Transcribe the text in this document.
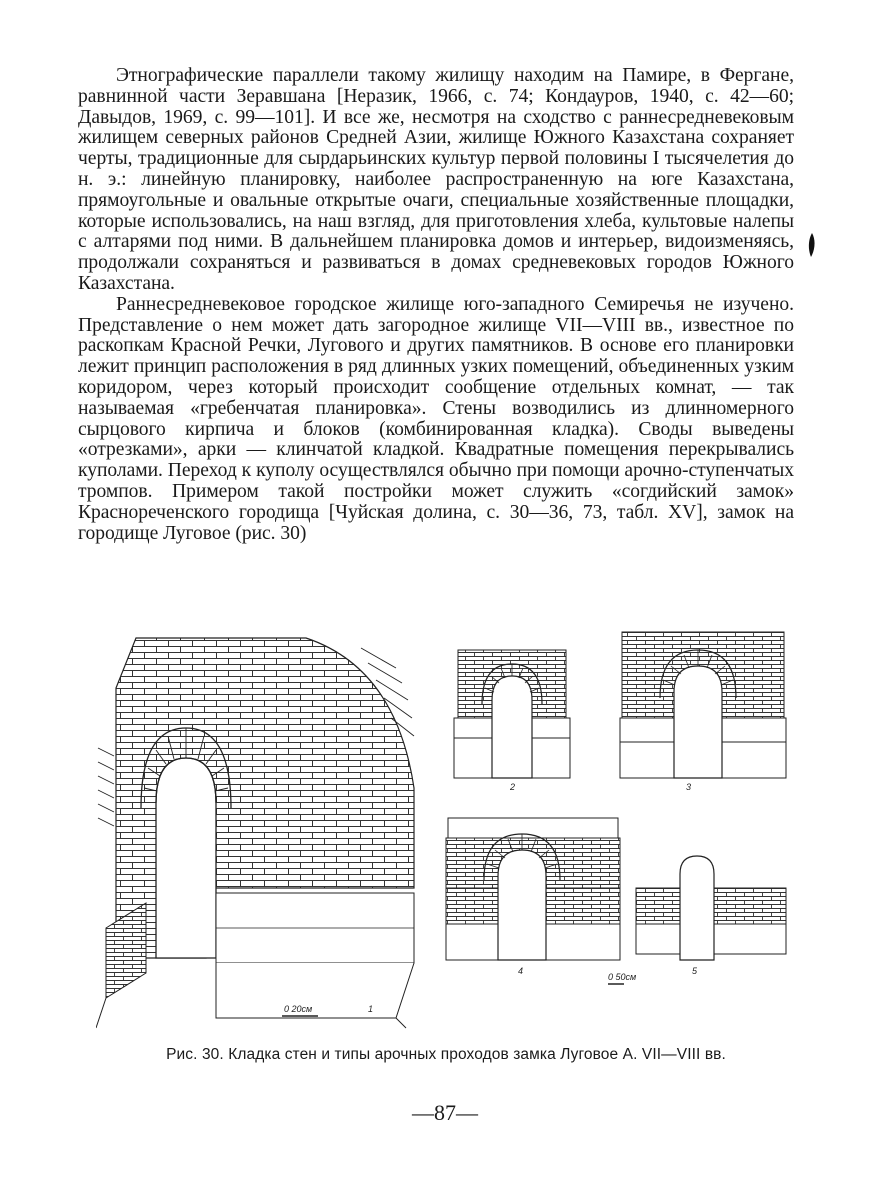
Этнографические параллели такому жилищу находим на Памире, в Фергане, равнинной части Зеравшана [Неразик, 1966, с. 74; Кондауров, 1940, с. 42—60; Давыдов, 1969, с. 99—101]. И все же, несмотря на сходство с раннесредневековым жилищем северных районов Средней Азии, жилище Южного Казахстана сохраняет черты, традиционные для сырдарьинских культур первой половины I тысячелетия до н. э.: линейную планировку, наиболее распространенную на юге Казахстана, прямоугольные и овальные открытые очаги, специальные хозяйственные площадки, которые использовались, на наш взгляд, для приготовления хлеба, культовые налепы с алтарями под ними. В дальнейшем планировка домов и интерьер, видоизменяясь, продолжали сохраняться и развиваться в домах средневековых городов Южного Казахстана.

Раннесредневековое городское жилище юго-западного Семиречья не изучено. Представление о нем может дать загородное жилище VII—VIII вв., известное по раскопкам Красной Речки, Лугового и других памятников. В основе его планировки лежит принцип расположения в ряд длинных узких помещений, объединенных узким коридором, через который происходит сообщение отдельных комнат, — так называемая «гребенчатая планировка». Стены возводились из длинномерного сырцового кирпича и блоков (комбинированная кладка). Своды выведены «отрезками», арки — клинчатой кладкой. Квадратные помещения перекрывались куполами. Переход к куполу осуществлялся обычно при помощи арочно-ступенчатых тромпов. Примером такой постройки может служить «согдийский замок» Краснореченского городища [Чуйская долина, с. 30—36, 73, табл. XV], замок на городище Луговое (рис. 30)

0 20см	1
2	3
4	5
0 50см
Рис. 30. Кладка стен и типы арочных проходов замка Луговое А. VII—VIII вв.
—87—
